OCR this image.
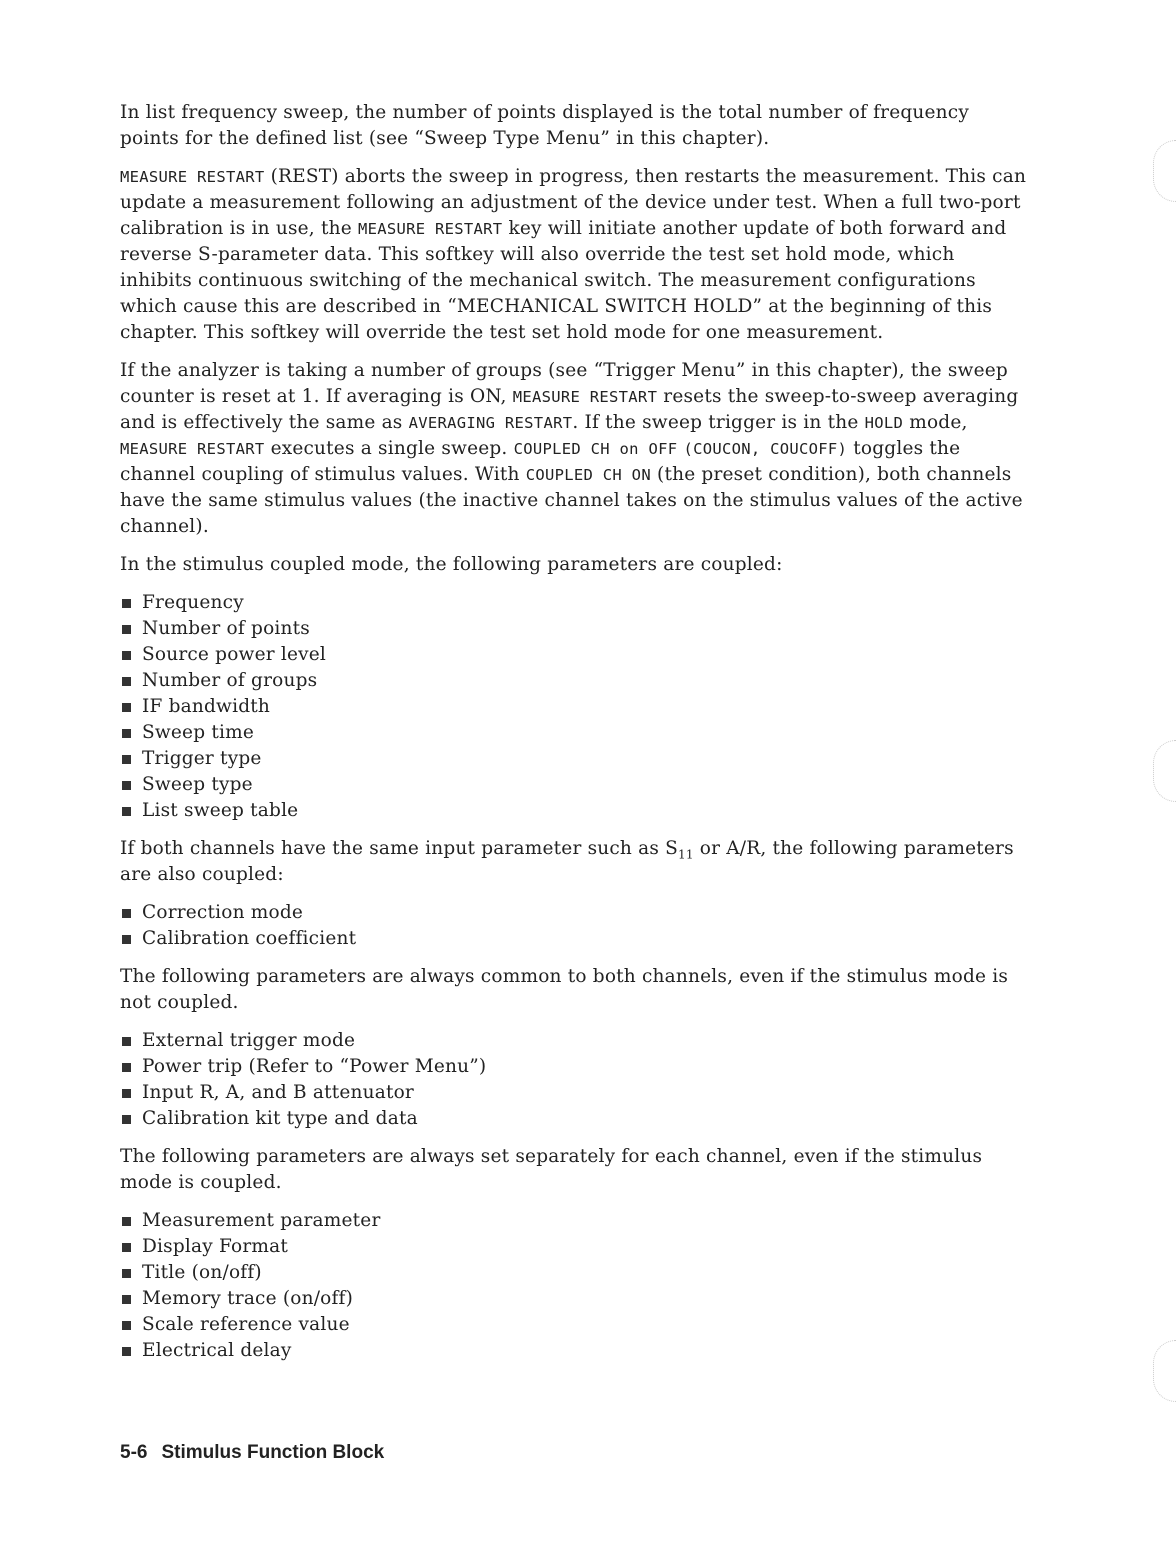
In list frequency sweep, the number of points displayed is the total number of frequency points for the defined list (see “Sweep Type Menu” in this chapter).

MEASURE RESTART (REST) aborts the sweep in progress, then restarts the measurement. This can update a measurement following an adjustment of the device under test. When a full two-port calibration is in use, the MEASURE RESTART key will initiate another update of both forward and reverse S-parameter data. This softkey will also override the test set hold mode, which inhibits continuous switching of the mechanical switch. The measurement configurations which cause this are described in “MECHANICAL SWITCH HOLD” at the beginning of this chapter. This softkey will override the test set hold mode for one measurement.

If the analyzer is taking a number of groups (see “Trigger Menu” in this chapter), the sweep counter is reset at 1. If averaging is ON, MEASURE RESTART resets the sweep-to-sweep averaging and is effectively the same as AVERAGING RESTART. If the sweep trigger is in the HOLD mode, MEASURE RESTART executes a single sweep. COUPLED CH on OFF (COUCON, COUCOFF) toggles the channel coupling of stimulus values. With COUPLED CH ON (the preset condition), both channels have the same stimulus values (the inactive channel takes on the stimulus values of the active channel).

In the stimulus coupled mode, the following parameters are coupled:

Frequency
Number of points
Source power level
Number of groups
IF bandwidth
Sweep time
Trigger type
Sweep type
List sweep table

If both channels have the same input parameter such as $S_{11}$ or A/R, the following parameters are also coupled:

Correction mode
Calibration coefficient

The following parameters are always common to both channels, even if the stimulus mode is not coupled.

External trigger mode
Power trip (Refer to “Power Menu”)
Input R, A, and B attenuator
Calibration kit type and data

The following parameters are always set separately for each channel, even if the stimulus mode is coupled.

Measurement parameter
Display Format
Title (on/off)
Memory trace (on/off)
Scale reference value
Electrical delay
5-6 Stimulus Function Block
